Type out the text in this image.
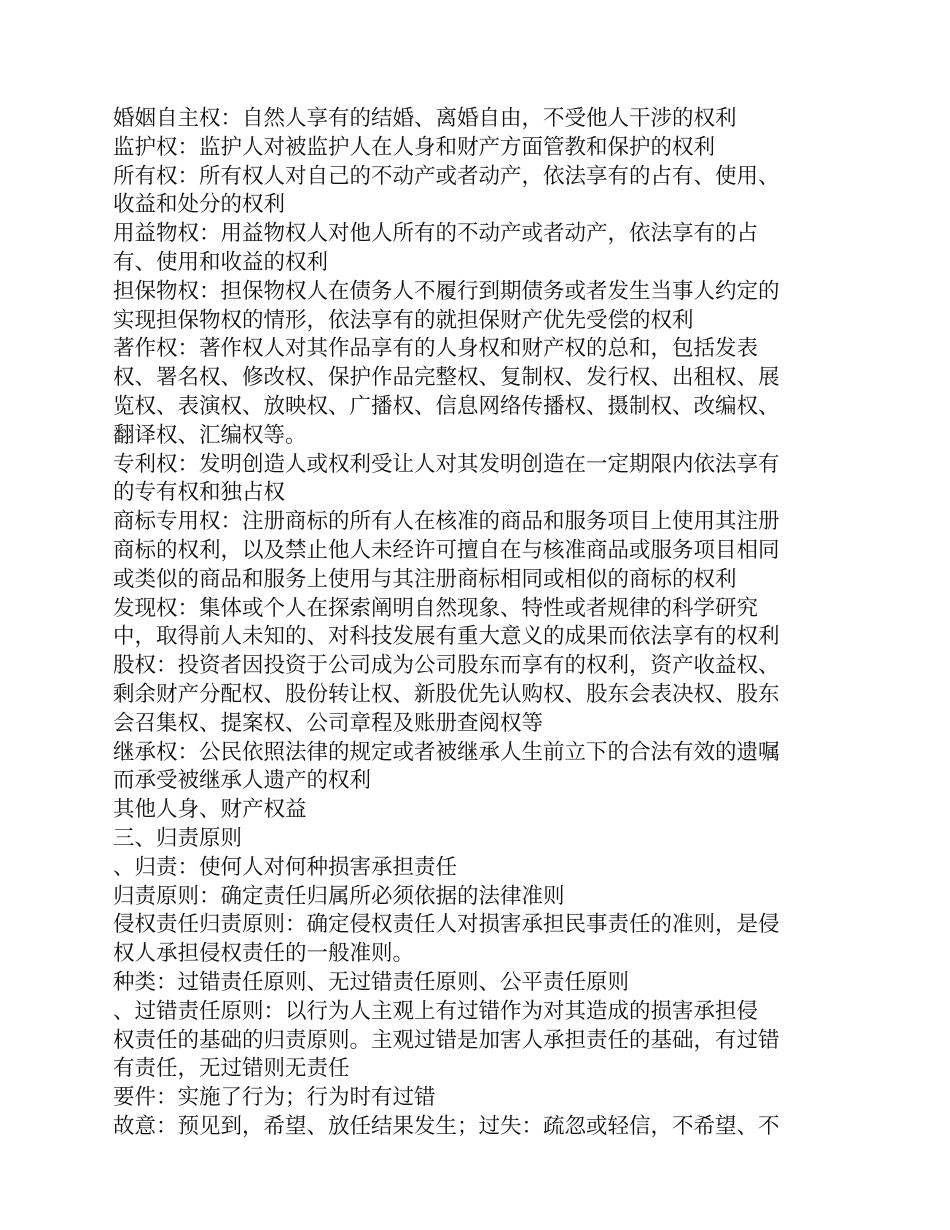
婚姻自主权：自然人享有的结婚、离婚自由，不受他人干涉的权利
监护权：监护人对被监护人在人身和财产方面管教和保护的权利
所有权：所有权人对自己的不动产或者动产，依法享有的占有、使用、
收益和处分的权利
用益物权：用益物权人对他人所有的不动产或者动产，依法享有的占
有、使用和收益的权利
担保物权：担保物权人在债务人不履行到期债务或者发生当事人约定的
实现担保物权的情形，依法享有的就担保财产优先受偿的权利
著作权：著作权人对其作品享有的人身权和财产权的总和，包括发表
权、署名权、修改权、保护作品完整权、复制权、发行权、出租权、展
览权、表演权、放映权、广播权、信息网络传播权、摄制权、改编权、
翻译权、汇编权等。
专利权：发明创造人或权利受让人对其发明创造在一定期限内依法享有
的专有权和独占权
商标专用权：注册商标的所有人在核准的商品和服务项目上使用其注册
商标的权利，以及禁止他人未经许可擅自在与核准商品或服务项目相同
或类似的商品和服务上使用与其注册商标相同或相似的商标的权利
发现权：集体或个人在探索阐明自然现象、特性或者规律的科学研究
中，取得前人未知的、对科技发展有重大意义的成果而依法享有的权利
股权：投资者因投资于公司成为公司股东而享有的权利，资产收益权、
剩余财产分配权、股份转让权、新股优先认购权、股东会表决权、股东
会召集权、提案权、公司章程及账册查阅权等
继承权：公民依照法律的规定或者被继承人生前立下的合法有效的遗嘱
而承受被继承人遗产的权利
其他人身、财产权益
三、归责原则
、归责：使何人对何种损害承担责任
归责原则：确定责任归属所必须依据的法律准则
侵权责任归责原则：确定侵权责任人对损害承担民事责任的准则，是侵
权人承担侵权责任的一般准则。
种类：过错责任原则、无过错责任原则、公平责任原则
、过错责任原则：以行为人主观上有过错作为对其造成的损害承担侵
权责任的基础的归责原则。主观过错是加害人承担责任的基础，有过错
有责任，无过错则无责任
要件：实施了行为；行为时有过错
故意：预见到，希望、放任结果发生；过失：疏忽或轻信，不希望、不
